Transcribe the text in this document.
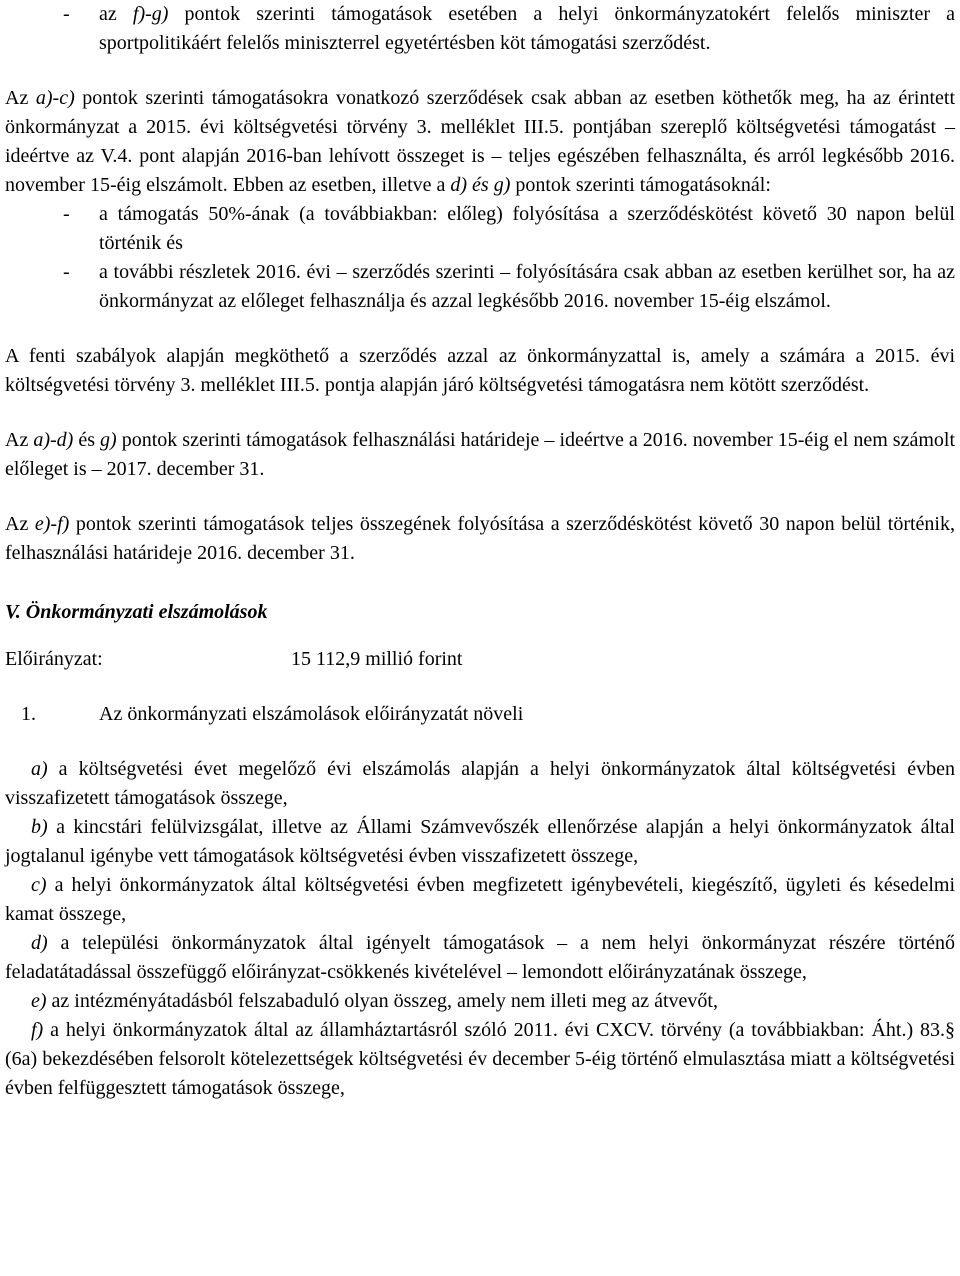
- az f)-g) pontok szerinti támogatások esetében a helyi önkormányzatokért felelős miniszter a sportpolitikáért felelős miniszterrel egyetértésben köt támogatási szerződést.

Az a)-c) pontok szerinti támogatásokra vonatkozó szerződések csak abban az esetben köthetők meg, ha az érintett önkormányzat a 2015. évi költségvetési törvény 3. melléklet III.5. pontjában szereplő költségvetési támogatást – ideértve az V.4. pont alapján 2016-ban lehívott összeget is – teljes egészében felhasználta, és arról legkésőbb 2016. november 15-éig elszámolt. Ebben az esetben, illetve a d) és g) pontok szerinti támogatásoknál:

- a támogatás 50%-ának (a továbbiakban: előleg) folyósítása a szerződéskötést követő 30 napon belül történik és
- a további részletek 2016. évi – szerződés szerinti – folyósítására csak abban az esetben kerülhet sor, ha az önkormányzat az előleget felhasználja és azzal legkésőbb 2016. november 15-éig elszámol.

A fenti szabályok alapján megköthető a szerződés azzal az önkormányzattal is, amely a számára a 2015. évi költségvetési törvény 3. melléklet III.5. pontja alapján járó költségvetési támogatásra nem kötött szerződést.

Az a)-d) és g) pontok szerinti támogatások felhasználási határideje – ideértve a 2016. november 15-éig el nem számolt előleget is – 2017. december 31.

Az e)-f) pontok szerinti támogatások teljes összegének folyósítása a szerződéskötést követő 30 napon belül történik, felhasználási határideje 2016. december 31.

V. Önkormányzati elszámolások

Előirányzat:	15 112,9 millió forint
1.	Az önkormányzati elszámolások előirányzatát növeli

a) a költségvetési évet megelőző évi elszámolás alapján a helyi önkormányzatok által költségvetési évben visszafizetett támogatások összege,

b) a kincstári felülvizsgálat, illetve az Állami Számvevőszék ellenőrzése alapján a helyi önkormányzatok által jogtalanul igénybe vett támogatások költségvetési évben visszafizetett összege,

c) a helyi önkormányzatok által költségvetési évben megfizetett igénybevételi, kiegészítő, ügyleti és késedelmi kamat összege,

d) a települési önkormányzatok által igényelt támogatások – a nem helyi önkormányzat részére történő feladatátadással összefüggő előirányzat-csökkenés kivételével – lemondott előirányzatának összege,

e) az intézményátadásból felszabaduló olyan összeg, amely nem illeti meg az átvevőt,

f) a helyi önkormányzatok által az államháztartásról szóló 2011. évi CXCV. törvény (a továbbiakban: Áht.) 83.§ (6a) bekezdésében felsorolt kötelezettségek költségvetési év december 5-éig történő elmulasztása miatt a költségvetési évben felfüggesztett támogatások összege,
